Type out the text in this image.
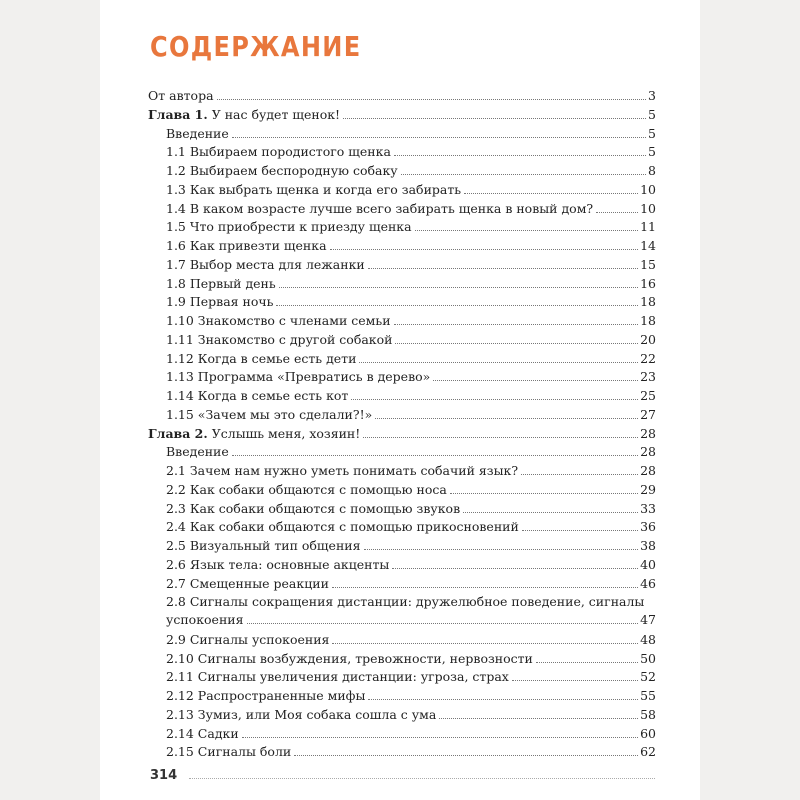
СОДЕРЖАНИЕ
От автора	3
Глава 1. У нас будет щенок!	5
Введение	5
1.1 Выбираем породистого щенка	5
1.2 Выбираем беспородную собаку	8
1.3 Как выбрать щенка и когда его забирать	10
1.4 В каком возрасте лучше всего забирать щенка в новый дом?	10
1.5 Что приобрести к приезду щенка	11
1.6 Как привезти щенка	14
1.7 Выбор места для лежанки	15
1.8 Первый день	16
1.9 Первая ночь	18
1.10 Знакомство с членами семьи	18
1.11 Знакомство с другой собакой	20
1.12 Когда в семье есть дети	22
1.13 Программа «Превратись в дерево»	23
1.14 Когда в семье есть кот	25
1.15 «Зачем мы это сделали?!»	27
Глава 2. Услышь меня, хозяин!	28
Введение	28
2.1 Зачем нам нужно уметь понимать собачий язык?	28
2.2 Как собаки общаются с помощью носа	29
2.3 Как собаки общаются с помощью звуков	33
2.4 Как собаки общаются с помощью прикосновений	36
2.5 Визуальный тип общения	38
2.6 Язык тела: основные акценты	40
2.7 Смещенные реакции	46
2.8 Сигналы сокращения дистанции: дружелюбное поведение, сигналы
успокоения	47
2.9 Сигналы успокоения	48
2.10 Сигналы возбуждения, тревожности, нервозности	50
2.11 Сигналы увеличения дистанции: угроза, страх	52
2.12 Распространенные мифы	55
2.13 Зумиз, или Моя собака сошла с ума	58
2.14 Садки	60
2.15 Сигналы боли	62
314
